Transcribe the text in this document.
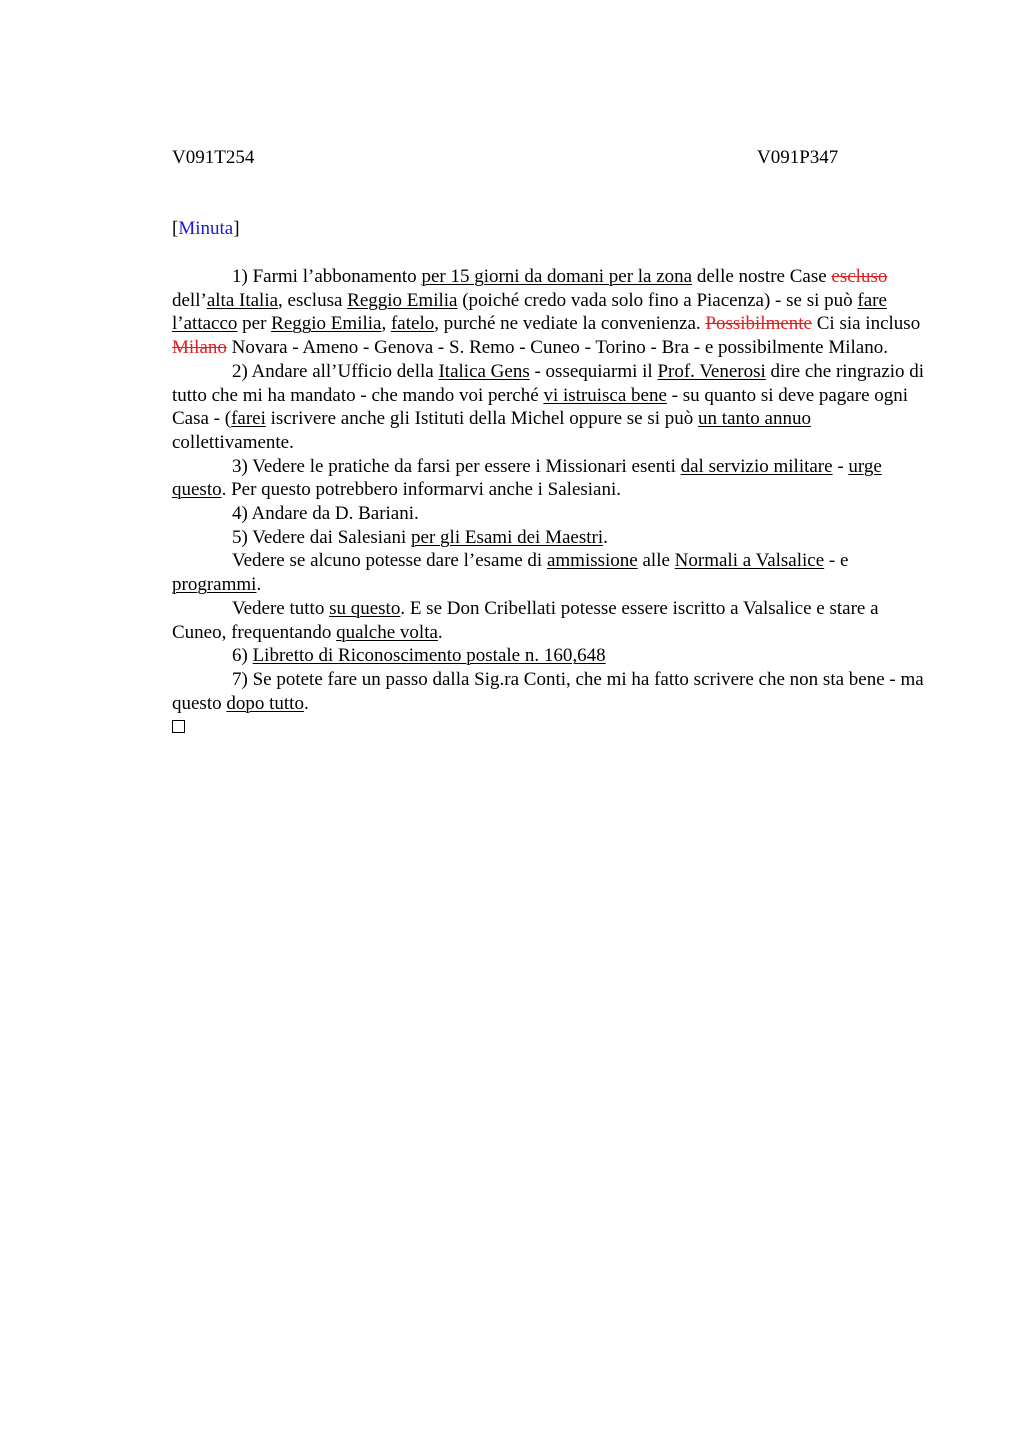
V091T254	V091P347
[Minuta]

1) Farmi l’abbonamento per 15 giorni da domani per la zona delle nostre Case escluso dell’alta Italia, esclusa Reggio Emilia (poiché credo vada solo fino a Piacenza) - se si può fare l’attacco per Reggio Emilia, fatelo, purché ne vediate la convenienza. Possibilmente Ci sia incluso Milano Novara - Ameno - Genova - S. Remo - Cuneo - Torino - Bra - e possibilmente Milano.

2) Andare all’Ufficio della Italica Gens - ossequiarmi il Prof. Venerosi dire che ringrazio di tutto che mi ha mandato - che mando voi perché vi istruisca bene - su quanto si deve pagare ogni Casa - (farei iscrivere anche gli Istituti della Michel oppure se si può un tanto annuo collettivamente.

3) Vedere le pratiche da farsi per essere i Missionari esenti dal servizio militare - urge questo. Per questo potrebbero informarvi anche i Salesiani.

4) Andare da D. Bariani.

5) Vedere dai Salesiani per gli Esami dei Maestri.

Vedere se alcuno potesse dare l’esame di ammissione alle Normali a Valsalice - e programmi.

Vedere tutto su questo. E se Don Cribellati potesse essere iscritto a Valsalice e stare a Cuneo, frequentando qualche volta.

6) Libretto di Riconoscimento postale n. 160,648

7) Se potete fare un passo dalla Sig.ra Conti, che mi ha fatto scrivere che non sta bene - ma questo dopo tutto.
